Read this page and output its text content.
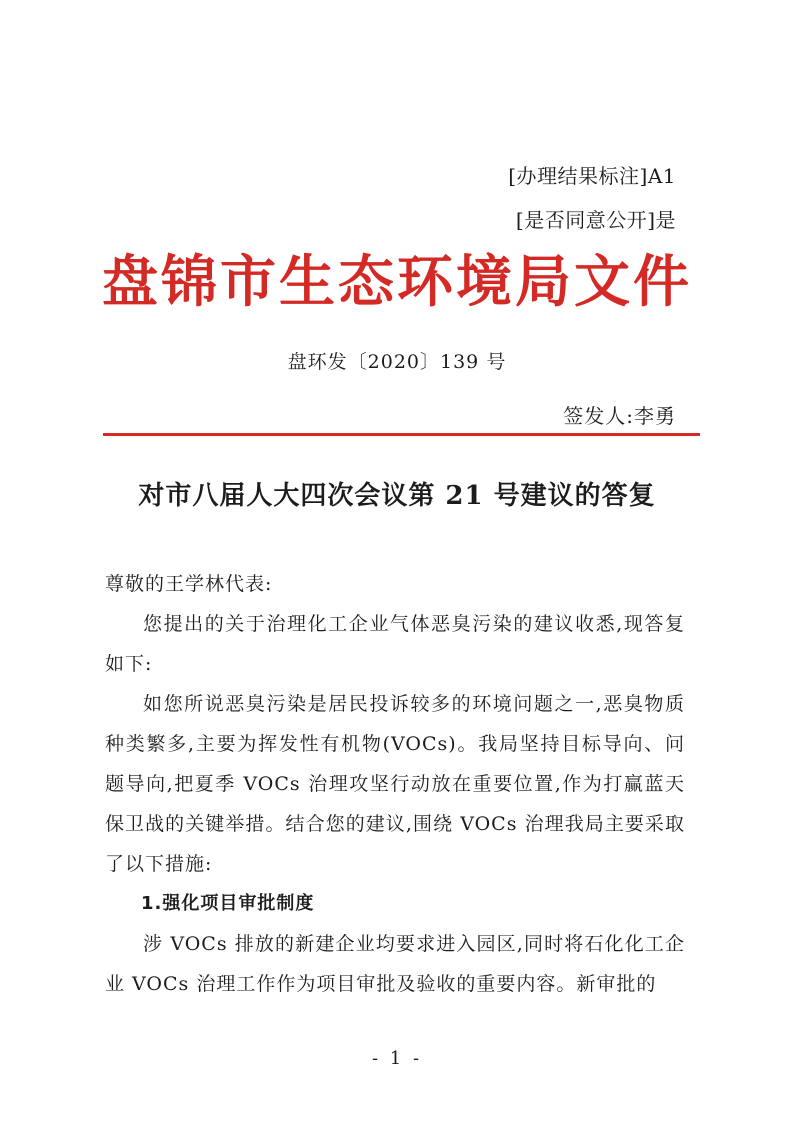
[办理结果标注]A1
[是否同意公开]是
盘锦市生态环境局文件
盘环发〔2020〕139 号
签发人:李勇
对市八届人大四次会议第 21 号建议的答复

尊敬的王学林代表:

您提出的关于治理化工企业气体恶臭污染的建议收悉,现答复如下:

如您所说恶臭污染是居民投诉较多的环境问题之一,恶臭物质种类繁多,主要为挥发性有机物(VOCs)。我局坚持目标导向、问题导向,把夏季 VOCs 治理攻坚行动放在重要位置,作为打赢蓝天保卫战的关键举措。结合您的建议,围绕 VOCs 治理我局主要采取了以下措施:

1.强化项目审批制度

涉 VOCs 排放的新建企业均要求进入园区,同时将石化化工企业 VOCs 治理工作作为项目审批及验收的重要内容。新审批的

- 1 -
